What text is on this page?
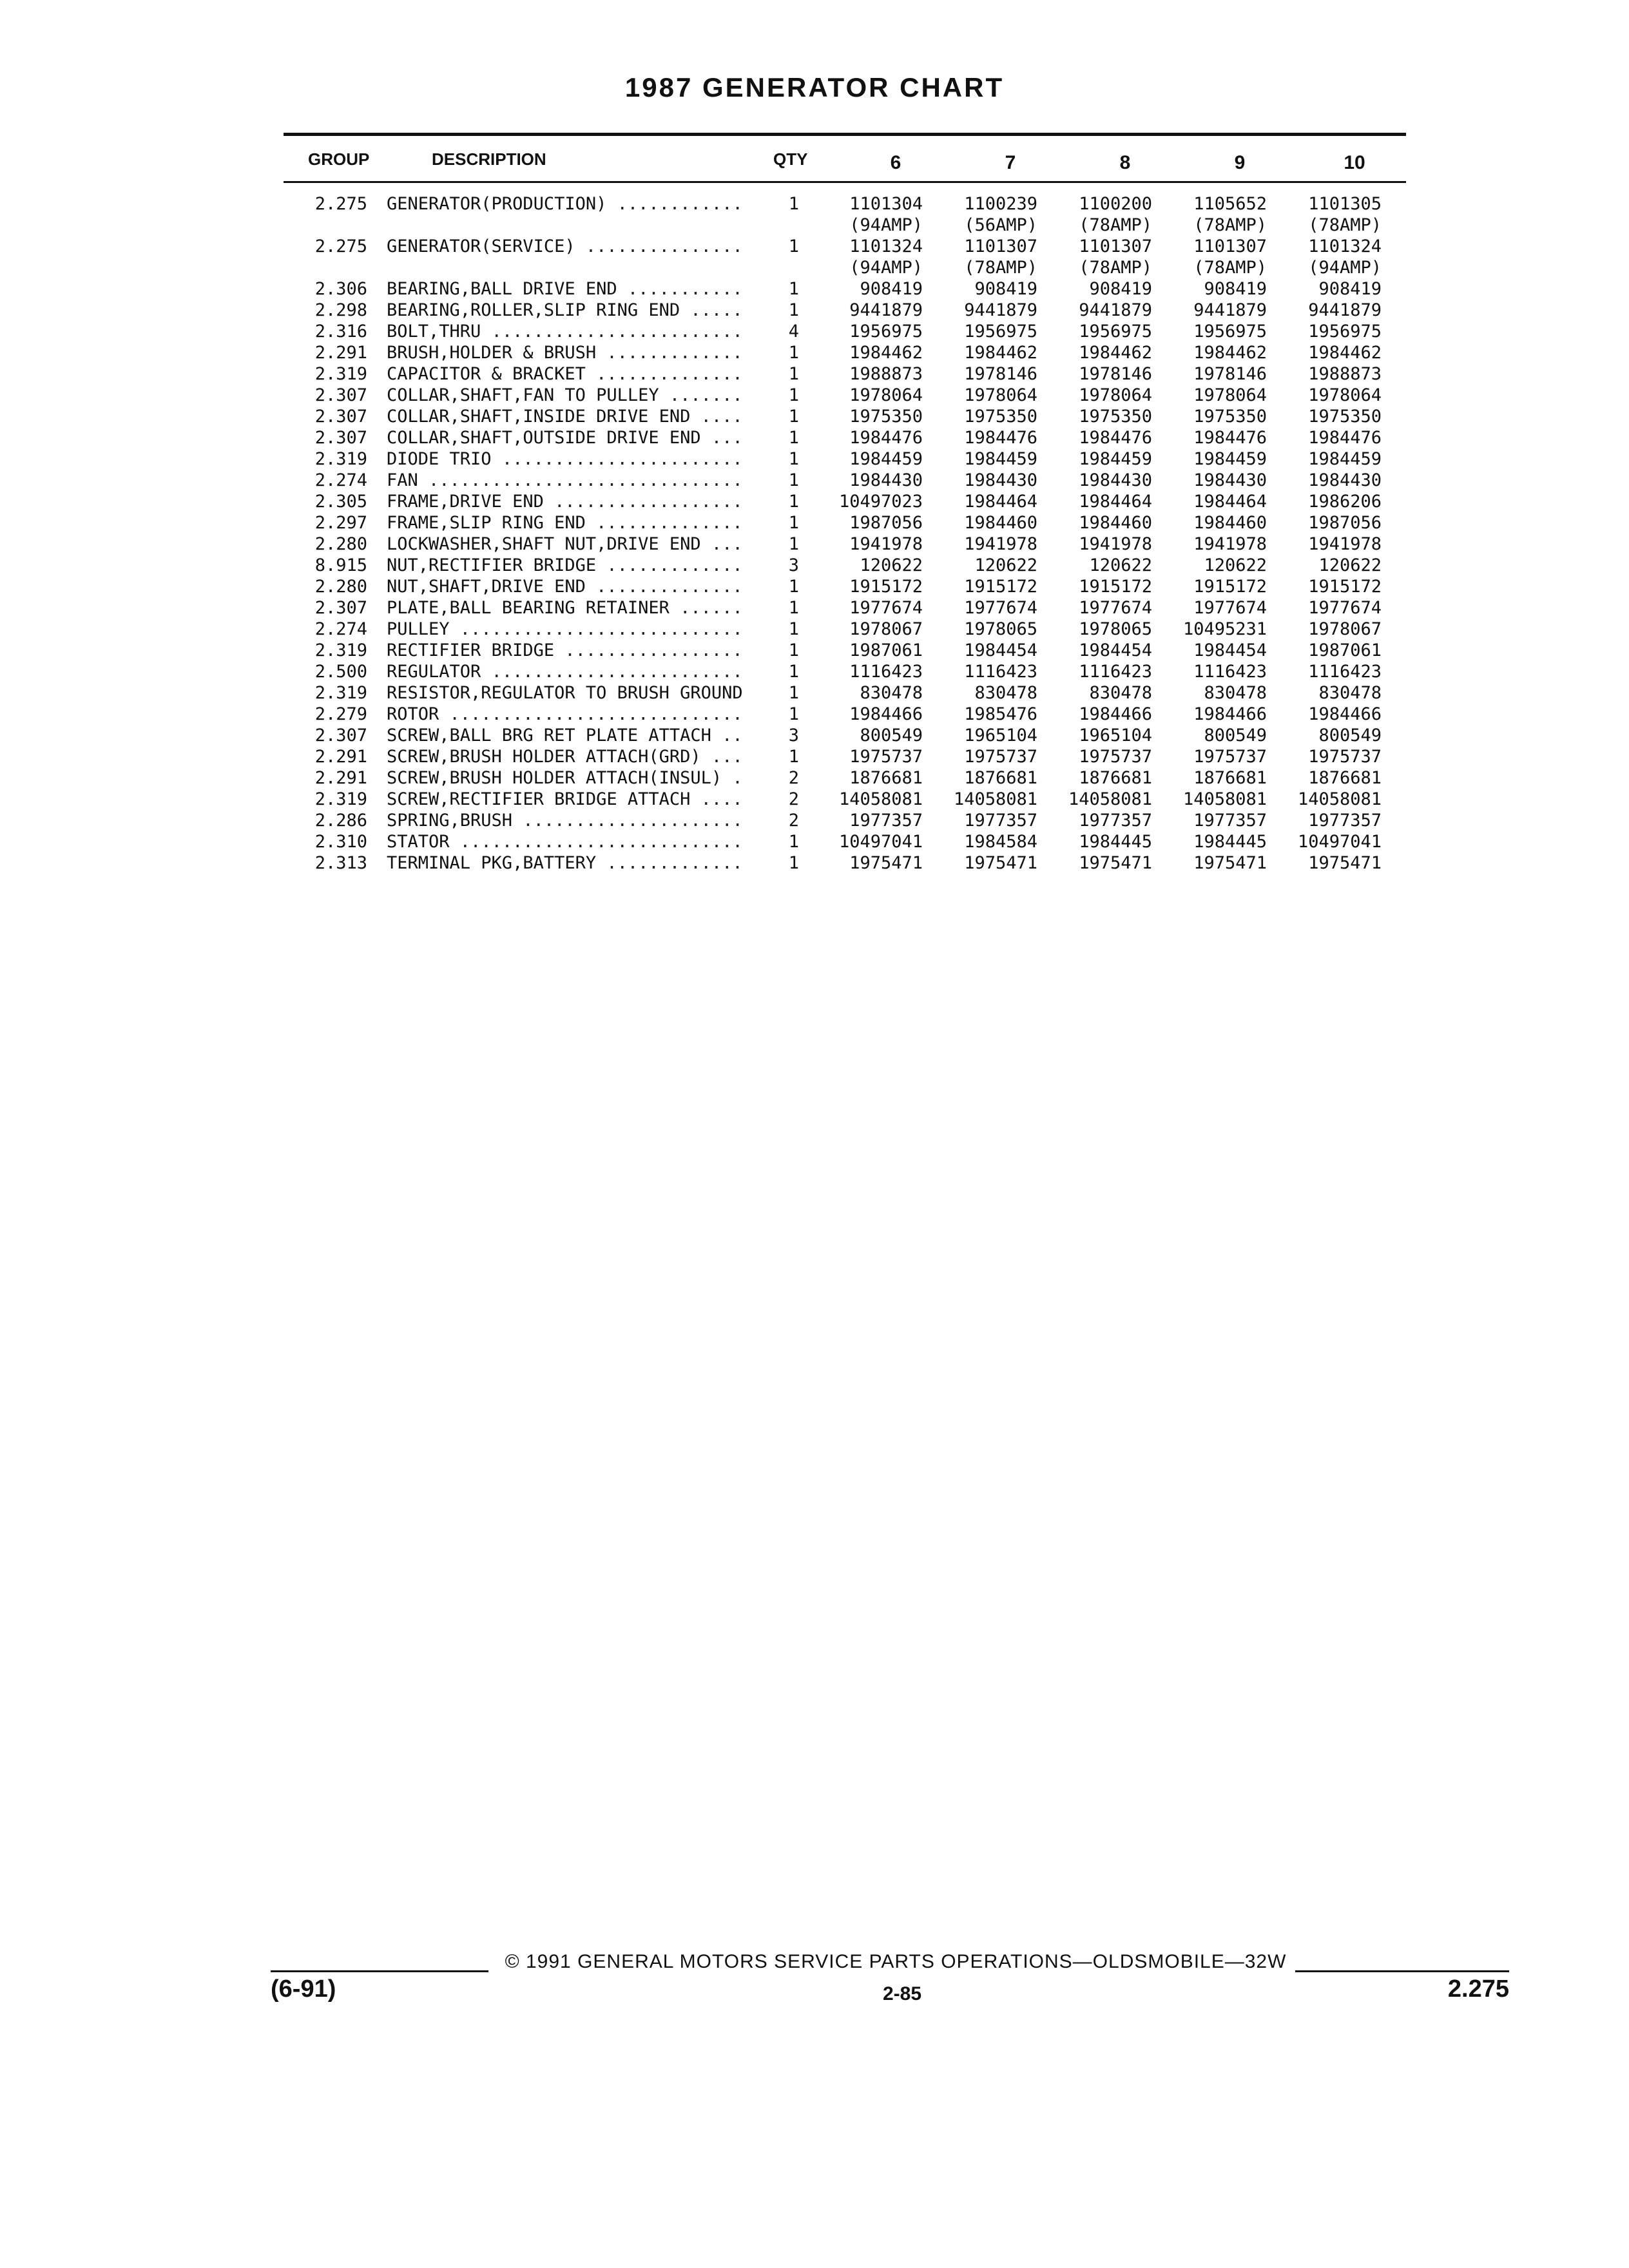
1987 GENERATOR CHART
GROUP	DESCRIPTION	QTY	6	7	8	9	10
2.275 GENERATOR(PRODUCTION) ............	1	1101304	1100239	1100200	1105652	1101305
(94AMP)	(56AMP)	(78AMP)	(78AMP)	(78AMP)
2.275 GENERATOR(SERVICE) ...............	1	1101324	1101307	1101307	1101307	1101324
(94AMP)	(78AMP)	(78AMP)	(78AMP)	(94AMP)
2.306 BEARING,BALL DRIVE END ...........	1	908419	908419	908419	908419	908419
2.298 BEARING,ROLLER,SLIP RING END .....	1	9441879	9441879	9441879	9441879	9441879
2.316 BOLT,THRU ........................	4	1956975	1956975	1956975	1956975	1956975
2.291 BRUSH,HOLDER & BRUSH .............	1	1984462	1984462	1984462	1984462	1984462
2.319 CAPACITOR & BRACKET ..............	1	1988873	1978146	1978146	1978146	1988873
2.307 COLLAR,SHAFT,FAN TO PULLEY .......	1	1978064	1978064	1978064	1978064	1978064
2.307 COLLAR,SHAFT,INSIDE DRIVE END ....	1	1975350	1975350	1975350	1975350	1975350
2.307 COLLAR,SHAFT,OUTSIDE DRIVE END ...	1	1984476	1984476	1984476	1984476	1984476
2.319 DIODE TRIO .......................	1	1984459	1984459	1984459	1984459	1984459
2.274 FAN ..............................	1	1984430	1984430	1984430	1984430	1984430
2.305 FRAME,DRIVE END ..................	1	10497023	1984464	1984464	1984464	1986206
2.297 FRAME,SLIP RING END ..............	1	1987056	1984460	1984460	1984460	1987056
2.280 LOCKWASHER,SHAFT NUT,DRIVE END ...	1	1941978	1941978	1941978	1941978	1941978
8.915 NUT,RECTIFIER BRIDGE .............	3	120622	120622	120622	120622	120622
2.280 NUT,SHAFT,DRIVE END ..............	1	1915172	1915172	1915172	1915172	1915172
2.307 PLATE,BALL BEARING RETAINER ......	1	1977674	1977674	1977674	1977674	1977674
2.274 PULLEY ...........................	1	1978067	1978065	1978065	10495231	1978067
2.319 RECTIFIER BRIDGE .................	1	1987061	1984454	1984454	1984454	1987061
2.500 REGULATOR ........................	1	1116423	1116423	1116423	1116423	1116423
2.319 RESISTOR,REGULATOR TO BRUSH GROUND	1	830478	830478	830478	830478	830478
2.279 ROTOR ............................	1	1984466	1985476	1984466	1984466	1984466
2.307 SCREW,BALL BRG RET PLATE ATTACH ..	3	800549	1965104	1965104	800549	800549
2.291 SCREW,BRUSH HOLDER ATTACH(GRD) ...	1	1975737	1975737	1975737	1975737	1975737
2.291 SCREW,BRUSH HOLDER ATTACH(INSUL) .	2	1876681	1876681	1876681	1876681	1876681
2.319 SCREW,RECTIFIER BRIDGE ATTACH ....	2	14058081	14058081	14058081	14058081	14058081
2.286 SPRING,BRUSH .....................	2	1977357	1977357	1977357	1977357	1977357
2.310 STATOR ...........................	1	10497041	1984584	1984445	1984445	10497041
2.313 TERMINAL PKG,BATTERY .............	1	1975471	1975471	1975471	1975471	1975471
© 1991 GENERAL MOTORS SERVICE PARTS OPERATIONS—OLDSMOBILE—32W
(6-91)	2-85	2.275
